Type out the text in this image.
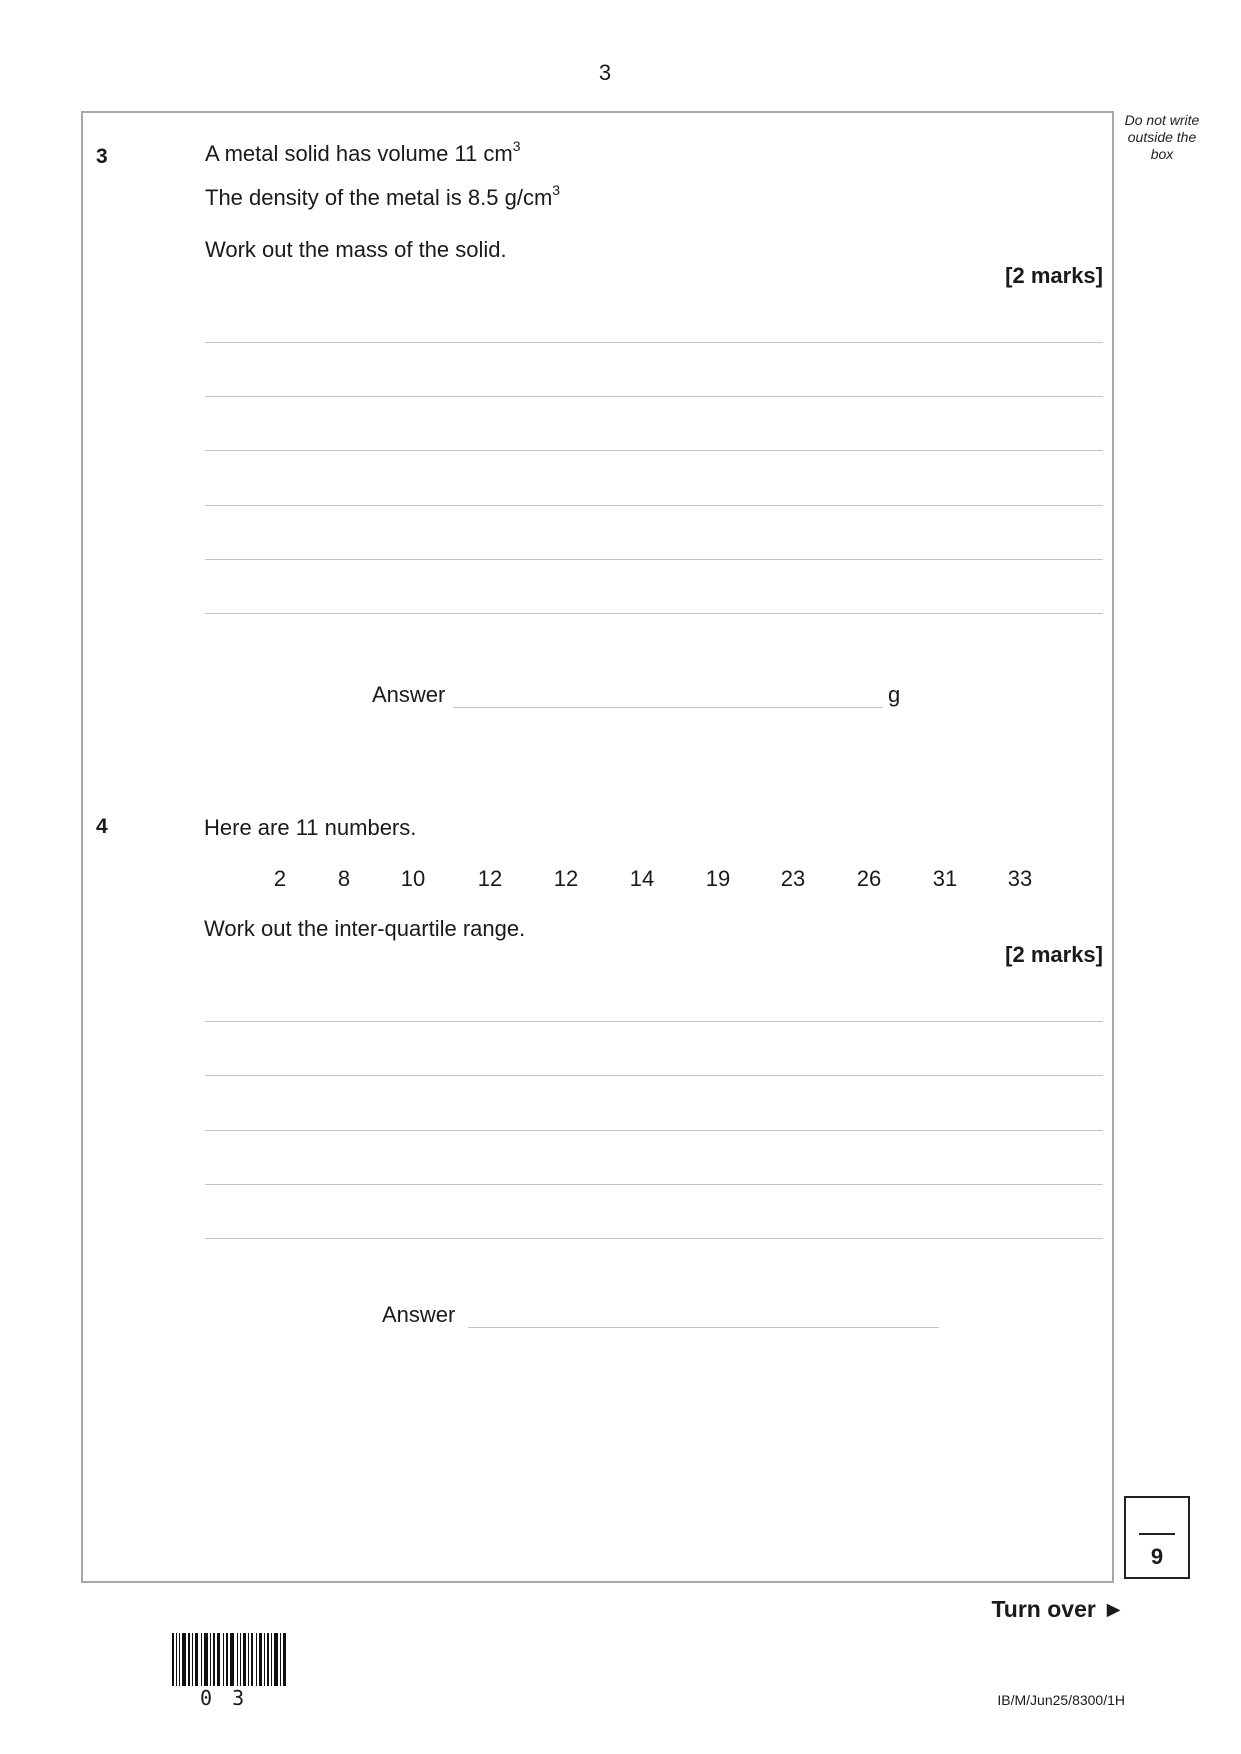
3
Do not write outside the box
3	A metal solid has volume 11 $cm^3$
The density of the metal is 8.5 $g/cm^3$
Work out the mass of the solid.
[2 marks]
Answer	g
4	Here are 11 numbers.
2	8	10	12	12	14	19	23	26	31	33
Work out the inter-quartile range.
[2 marks]
Answer
9
Turn over ►
0 3	IB/M/Jun25/8300/1H
